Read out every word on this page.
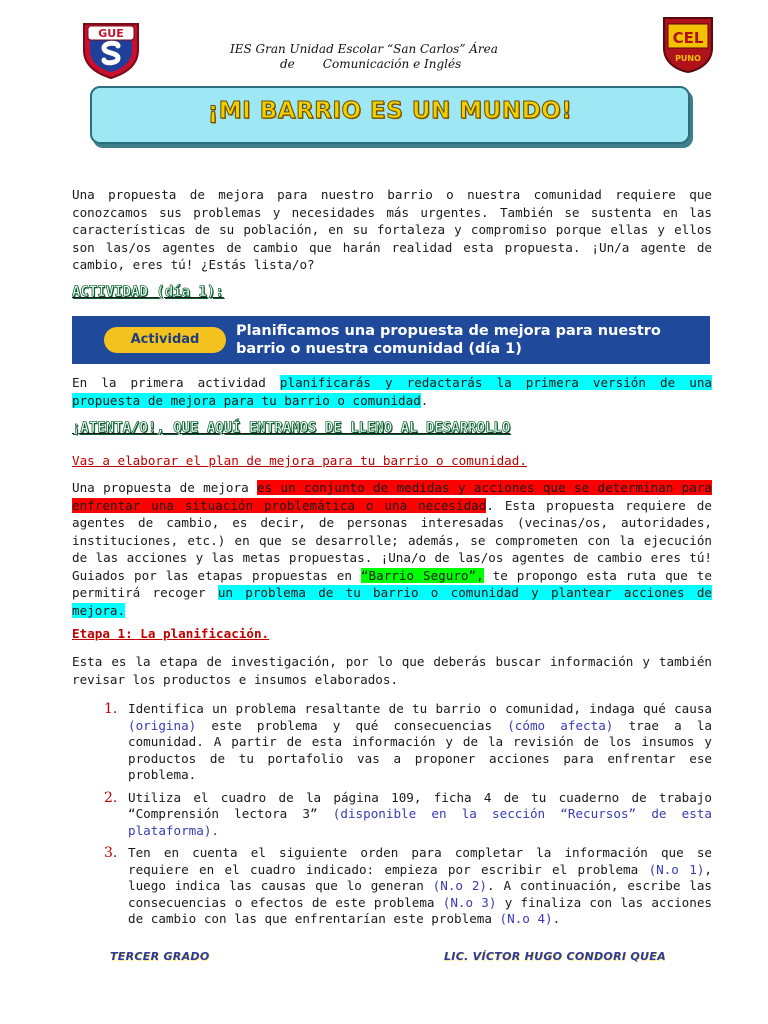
GUE
IES Gran Unidad Escolar “San Carlos” Área
de Comunicación e Inglés
CEL
PUNO
¡MI BARRIO ES UN MUNDO!
Una propuesta de mejora para nuestro barrio o nuestra comunidad requiere que conozcamos sus problemas y necesidades más urgentes. También se sustenta en las características de su población, en su fortaleza y compromiso porque ellas y ellos son las/os agentes de cambio que harán realidad esta propuesta. ¡Un/a agente de cambio, eres tú! ¿Estás lista/o?
ACTIVIDAD (día 1):
Actividad
Planificamos una propuesta de mejora para nuestro barrio o nuestra comunidad (día 1)
En la primera actividad planificarás y redactarás la primera versión de una propuesta de mejora para tu barrio o comunidad.
¡ATENTA/O!, QUE AQUÍ ENTRAMOS DE LLENO AL DESARROLLO
Vas a elaborar el plan de mejora para tu barrio o comunidad.
Una propuesta de mejora es un conjunto de medidas y acciones que se determinan para enfrentar una situación problemática o una necesidad. Esta propuesta requiere de agentes de cambio, es decir, de personas interesadas (vecinas/os, autoridades, instituciones, etc.) en que se desarrolle; además, se comprometen con la ejecución de las acciones y las metas propuestas. ¡Una/o de las/os agentes de cambio eres tú! Guiados por las etapas propuestas en “Barrio Seguro”, te propongo esta ruta que te permitirá recoger un problema de tu barrio o comunidad y plantear acciones de mejora.
Etapa 1: La planificación.
Esta es la etapa de investigación, por lo que deberás buscar información y también revisar los productos e insumos elaborados.
1. Identifica un problema resaltante de tu barrio o comunidad, indaga qué causa (origina) este problema y qué consecuencias (cómo afecta) trae a la comunidad. A partir de esta información y de la revisión de los insumos y productos de tu portafolio vas a proponer acciones para enfrentar ese problema.
2. Utiliza el cuadro de la página 109, ficha 4 de tu cuaderno de trabajo “Comprensión lectora 3” (disponible en la sección “Recursos” de esta plataforma).
3. Ten en cuenta el siguiente orden para completar la información que se requiere en el cuadro indicado: empieza por escribir el problema (N.o 1), luego indica las causas que lo generan (N.o 2). A continuación, escribe las consecuencias o efectos de este problema (N.o 3) y finaliza con las acciones de cambio con las que enfrentarían este problema (N.o 4).
TERCER GRADO	LIC. VÍCTOR HUGO CONDORI QUEA
